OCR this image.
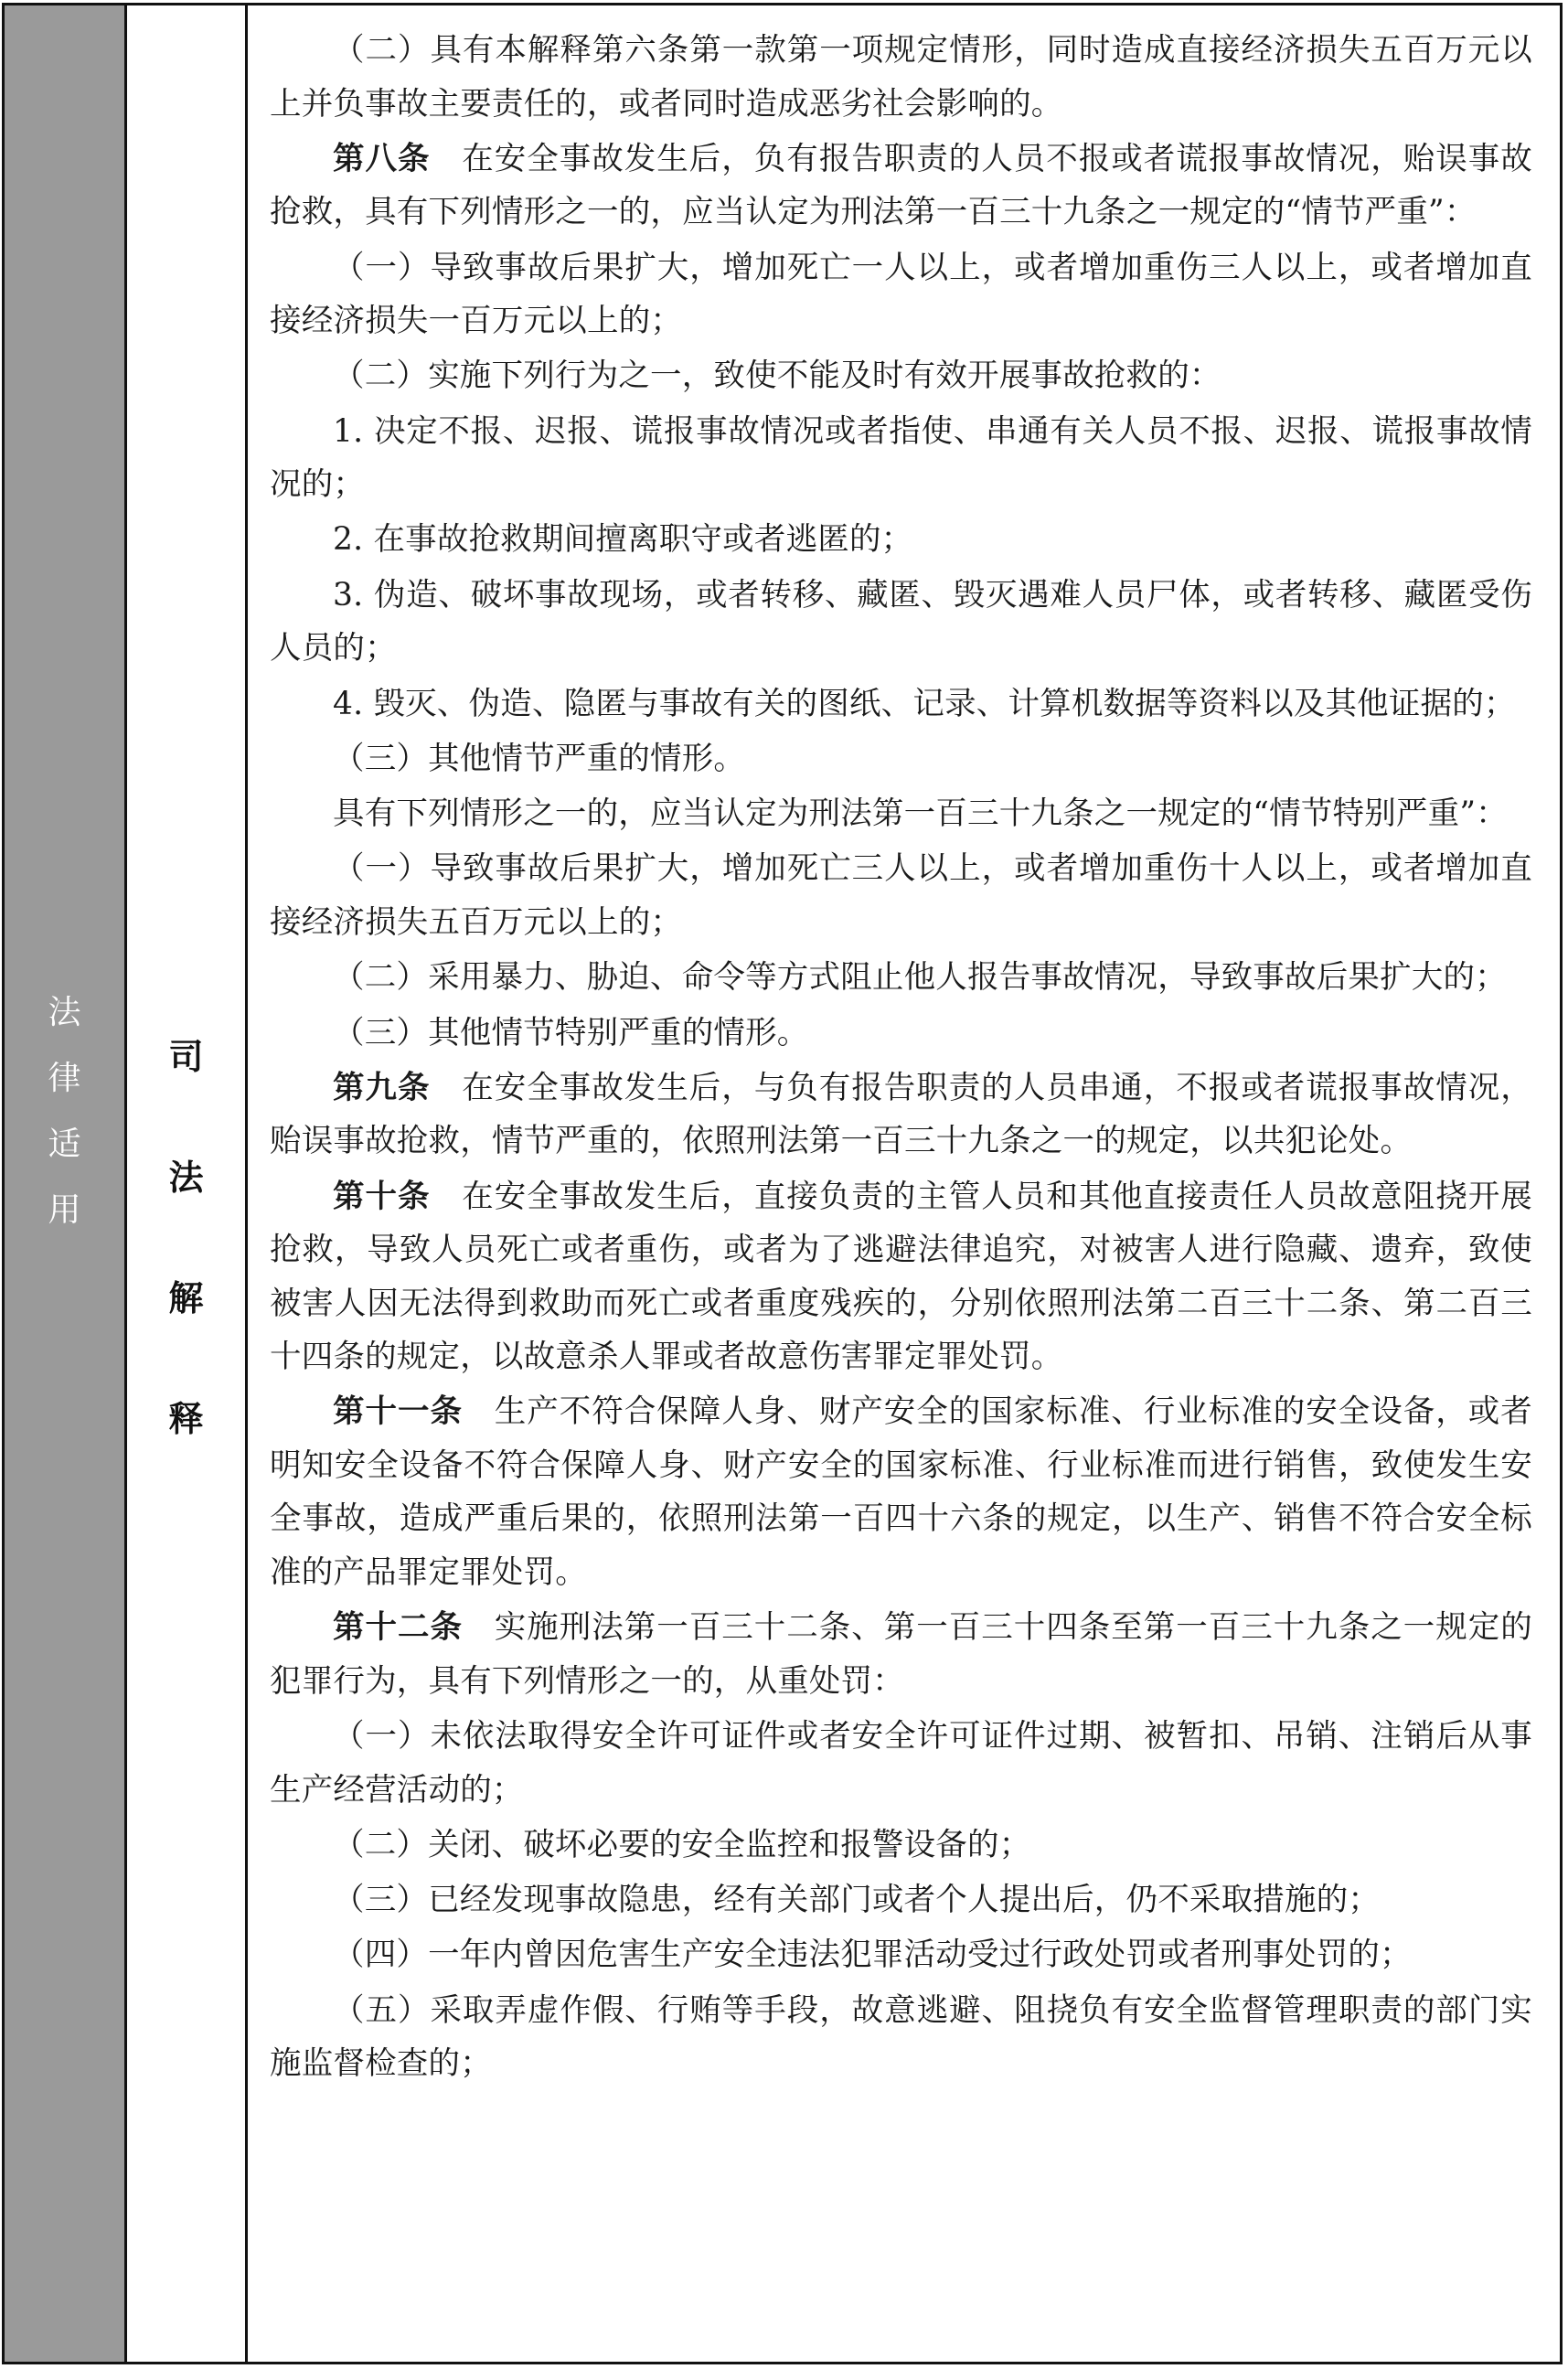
法
律
适
用
司
法
解
释

（二）具有本解释第六条第一款第一项规定情形，同时造成直接经济损失五百万元以上并负事故主要责任的，或者同时造成恶劣社会影响的。

第八条 在安全事故发生后，负有报告职责的人员不报或者谎报事故情况，贻误事故抢救，具有下列情形之一的，应当认定为刑法第一百三十九条之一规定的“情节严重”：

（一）导致事故后果扩大，增加死亡一人以上，或者增加重伤三人以上，或者增加直接经济损失一百万元以上的；

（二）实施下列行为之一，致使不能及时有效开展事故抢救的：

1. 决定不报、迟报、谎报事故情况或者指使、串通有关人员不报、迟报、谎报事故情况的；

2. 在事故抢救期间擅离职守或者逃匿的；

3. 伪造、破坏事故现场，或者转移、藏匿、毁灭遇难人员尸体，或者转移、藏匿受伤人员的；

4. 毁灭、伪造、隐匿与事故有关的图纸、记录、计算机数据等资料以及其他证据的；

（三）其他情节严重的情形。

具有下列情形之一的，应当认定为刑法第一百三十九条之一规定的“情节特别严重”：

（一）导致事故后果扩大，增加死亡三人以上，或者增加重伤十人以上，或者增加直接经济损失五百万元以上的；

（二）采用暴力、胁迫、命令等方式阻止他人报告事故情况，导致事故后果扩大的；

（三）其他情节特别严重的情形。

第九条 在安全事故发生后，与负有报告职责的人员串通，不报或者谎报事故情况，贻误事故抢救，情节严重的，依照刑法第一百三十九条之一的规定，以共犯论处。

第十条 在安全事故发生后，直接负责的主管人员和其他直接责任人员故意阻挠开展抢救，导致人员死亡或者重伤，或者为了逃避法律追究，对被害人进行隐藏、遗弃，致使被害人因无法得到救助而死亡或者重度残疾的，分别依照刑法第二百三十二条、第二百三十四条的规定，以故意杀人罪或者故意伤害罪定罪处罚。

第十一条 生产不符合保障人身、财产安全的国家标准、行业标准的安全设备，或者明知安全设备不符合保障人身、财产安全的国家标准、行业标准而进行销售，致使发生安全事故，造成严重后果的，依照刑法第一百四十六条的规定，以生产、销售不符合安全标准的产品罪定罪处罚。

第十二条 实施刑法第一百三十二条、第一百三十四条至第一百三十九条之一规定的犯罪行为，具有下列情形之一的，从重处罚：

（一）未依法取得安全许可证件或者安全许可证件过期、被暂扣、吊销、注销后从事生产经营活动的；

（二）关闭、破坏必要的安全监控和报警设备的；

（三）已经发现事故隐患，经有关部门或者个人提出后，仍不采取措施的；

（四）一年内曾因危害生产安全违法犯罪活动受过行政处罚或者刑事处罚的；

（五）采取弄虚作假、行贿等手段，故意逃避、阻挠负有安全监督管理职责的部门实施监督检查的；
